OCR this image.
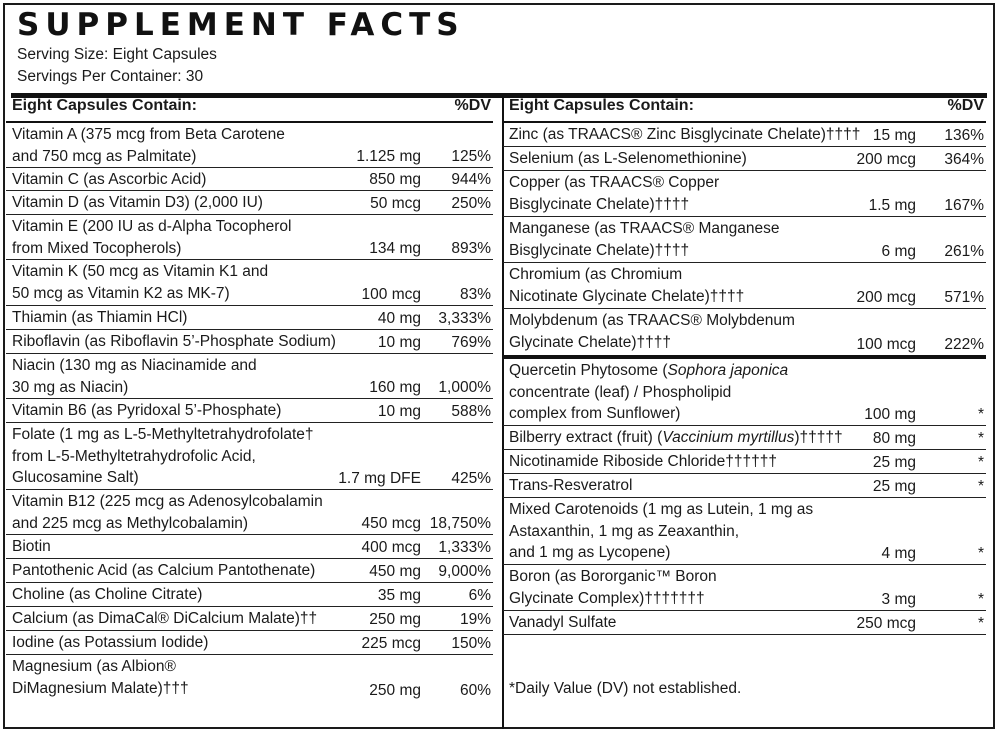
SUPPLEMENT FACTS
Serving Size: Eight Capsules
Servings Per Container: 30
Eight Capsules Contain:	%DV
Vitamin A (375 mcg from Beta Carotene
and 750 mcg as Palmitate)	1.125 mg 125%
Vitamin C (as Ascorbic Acid)	850 mg 944%
Vitamin D (as Vitamin D3) (2,000 IU)	50 mcg 250%
Vitamin E (200 IU as d-Alpha Tocopherol
from Mixed Tocopherols)	134 mg 893%
Vitamin K (50 mcg as Vitamin K1 and
50 mcg as Vitamin K2 as MK-7)	100 mcg	83%
Thiamin (as Thiamin HCl)	40 mg 3,333%
Riboflavin (as Riboflavin 5’-Phosphate Sodium)	10 mg 769%
Niacin (130 mg as Niacinamide and
30 mg as Niacin)	160 mg 1,000%
Vitamin B6 (as Pyridoxal 5’-Phosphate)	10 mg 588%
Folate (1 mg as L-5-Methyltetrahydrofolate†
from L-5-Methyltetrahydrofolic Acid,
Glucosamine Salt)	1.7 mg DFE 425%
Vitamin B12 (225 mcg as Adenosylcobalamin
and 225 mcg as Methylcobalamin)	450 mcg 18,750%
Biotin	400 mcg 1,333%
Pantothenic Acid (as Calcium Pantothenate)	450 mg 9,000%
Choline (as Choline Citrate)	35 mg	6%
Calcium (as DimaCal® DiCalcium Malate)††	250 mg	19%
Iodine (as Potassium Iodide)	225 mcg 150%
Magnesium (as Albion®
DiMagnesium Malate)†††	250 mg	60%
Eight Capsules Contain:	%DV
Zinc (as TRAACS® Zinc Bisglycinate Chelate)†††† 15 mg 136%
Selenium (as L-Selenomethionine)	200 mcg 364%
Copper (as TRAACS® Copper
Bisglycinate Chelate)††††	1.5 mg 167%
Manganese (as TRAACS® Manganese
Bisglycinate Chelate)††††	6 mg 261%
Chromium (as Chromium
Nicotinate Glycinate Chelate)††††	200 mcg 571%
Molybdenum (as TRAACS® Molybdenum
Glycinate Chelate)††††	100 mcg 222%
Quercetin Phytosome (Sophora japonica
concentrate (leaf) / Phospholipid
complex from Sunflower)	100 mg	*
Bilberry extract (fruit) (Vaccinium myrtillus)††††† 80 mg	*
Nicotinamide Riboside Chloride††††††	25 mg	*
Trans-Resveratrol	25 mg	*
Mixed Carotenoids (1 mg as Lutein, 1 mg as
Astaxanthin, 1 mg as Zeaxanthin,
and 1 mg as Lycopene)	4 mg	*
Boron (as Bororganic™ Boron
Glycinate Complex)†††††††	3 mg	*
Vanadyl Sulfate	250 mcg	*
*Daily Value (DV) not established.
